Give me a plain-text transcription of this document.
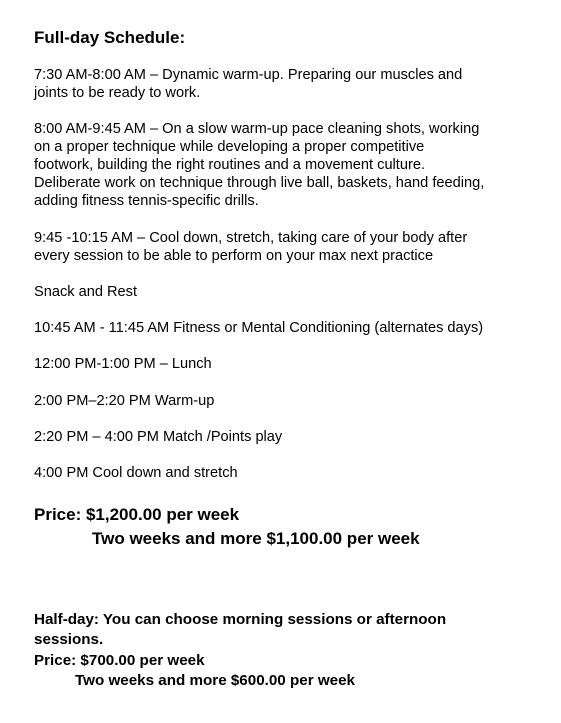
Full-day Schedule:
7:30 AM-8:00 AM – Dynamic warm-up. Preparing our muscles and
joints to be ready to work.
8:00 AM-9:45 AM – On a slow warm-up pace cleaning shots, working
on a proper technique while developing a proper competitive
footwork, building the right routines and a movement culture.
Deliberate work on technique through live ball, baskets, hand feeding,
adding fitness tennis-specific drills.
9:45 -10:15 AM – Cool down, stretch, taking care of your body after
every session to be able to perform on your max next practice
Snack and Rest
10:45 AM - 11:45 AM Fitness or Mental Conditioning (alternates days)
12:00 PM-1:00 PM – Lunch
2:00 PM–2:20 PM Warm-up
2:20 PM – 4:00 PM Match /Points play
4:00 PM Cool down and stretch
Price: $1,200.00 per week
Two weeks and more $1,100.00 per week
Half-day: You can choose morning sessions or afternoon
sessions.
Price: $700.00 per week
Two weeks and more $600.00 per week
